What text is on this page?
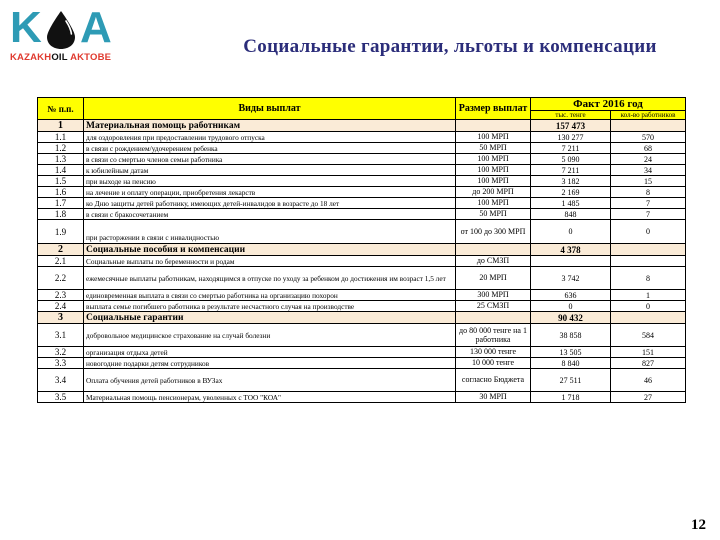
K A
KAZAKHOIL AKTOBE
Социальные гарантии, льготы и компенсации
№ п.п.	Виды выплат	Размер выплат	Факт 2016 год	
			тыс. тенге	кол-во работников
1	Материальная помощь работникам		157 473	
1.1	для оздоровления при предоставлении трудового отпуска	100 МРП	130 277	570
1.2	в связи с рождением/удочерением ребенка	50 МРП	7 211	68
1.3	в связи со смертью членов семьи работника	100 МРП	5 090	24
1.4	к юбилейным датам	100 МРП	7 211	34
1.5	при выходе на пенсию	100 МРП	3 182	15
1.6	на лечение и оплату операции, приобретения лекарств	до 200 МРП	2 169	8
1.7	ко Дню защиты детей работнику, имеющих детей-инвалидов в возрасте до 18 лет	100 МРП	1 485	7
1.8	в связи с бракосочетанием	50 МРП	848	7
1.9	при расторжении в связи с инвалидностью	от 100 до 300 МРП	0	0
2	Социальные пособия и компенсации		4 378	
2.1	Социальные выплаты по беременности и родам	до СМЗП		
2.2	ежемесячные выплаты работникам, находящимся в отпуске по уходу за ребенком до достижения им возраст 1,5 лет	20 МРП	3 742	8
2.3	единовременная выплата в связи со смертью работника на организацию похорон	300 МРП	636	1
2.4	выплата семье погибшего работника в результате несчастного случая на производстве	25 СМЗП	0	0
3	Социальные гарантии		90 432	
3.1	добровольное медицинское страхование на случай болезни	до 80 000 тенге на 1 работника	38 858	584
3.2	организация отдыха детей	130 000 тенге	13 505	151
3.3	новогодние подарки детям сотрудников	10 000 тенге	8 840	827
3.4	Оплата обучения детей работников в ВУЗах	согласно Бюджета	27 511	46
3.5	Материальная помощь пенсионерам, уволенных с ТОО "КОА"	30 МРП	1 718	27
12
